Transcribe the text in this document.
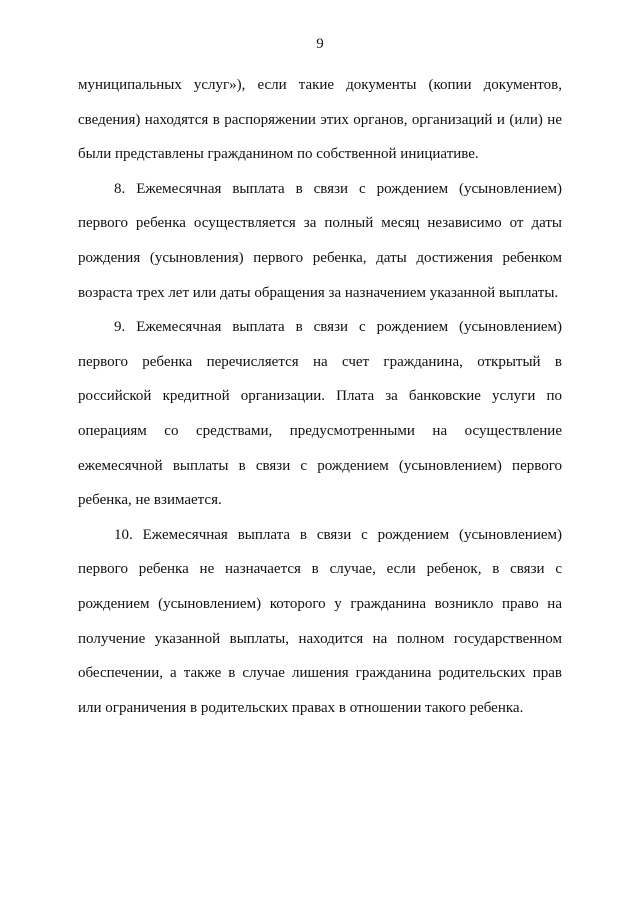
9

муниципальных услуг»), если такие документы (копии документов, сведения) находятся в распоряжении этих органов, организаций и (или) не были представлены гражданином по собственной инициативе.

8. Ежемесячная выплата в связи с рождением (усыновлением) первого ребенка осуществляется за полный месяц независимо от даты рождения (усыновления) первого ребенка, даты достижения ребенком возраста трех лет или даты обращения за назначением указанной выплаты.

9. Ежемесячная выплата в связи с рождением (усыновлением) первого ребенка перечисляется на счет гражданина, открытый в российской кредитной организации. Плата за банковские услуги по операциям со средствами, предусмотренными на осуществление ежемесячной выплаты в связи с рождением (усыновлением) первого ребенка, не взимается.

10. Ежемесячная выплата в связи с рождением (усыновлением) первого ребенка не назначается в случае, если ребенок, в связи с рождением (усыновлением) которого у гражданина возникло право на получение указанной выплаты, находится на полном государственном обеспечении, а также в случае лишения гражданина родительских прав или ограничения в родительских правах в отношении такого ребенка.
